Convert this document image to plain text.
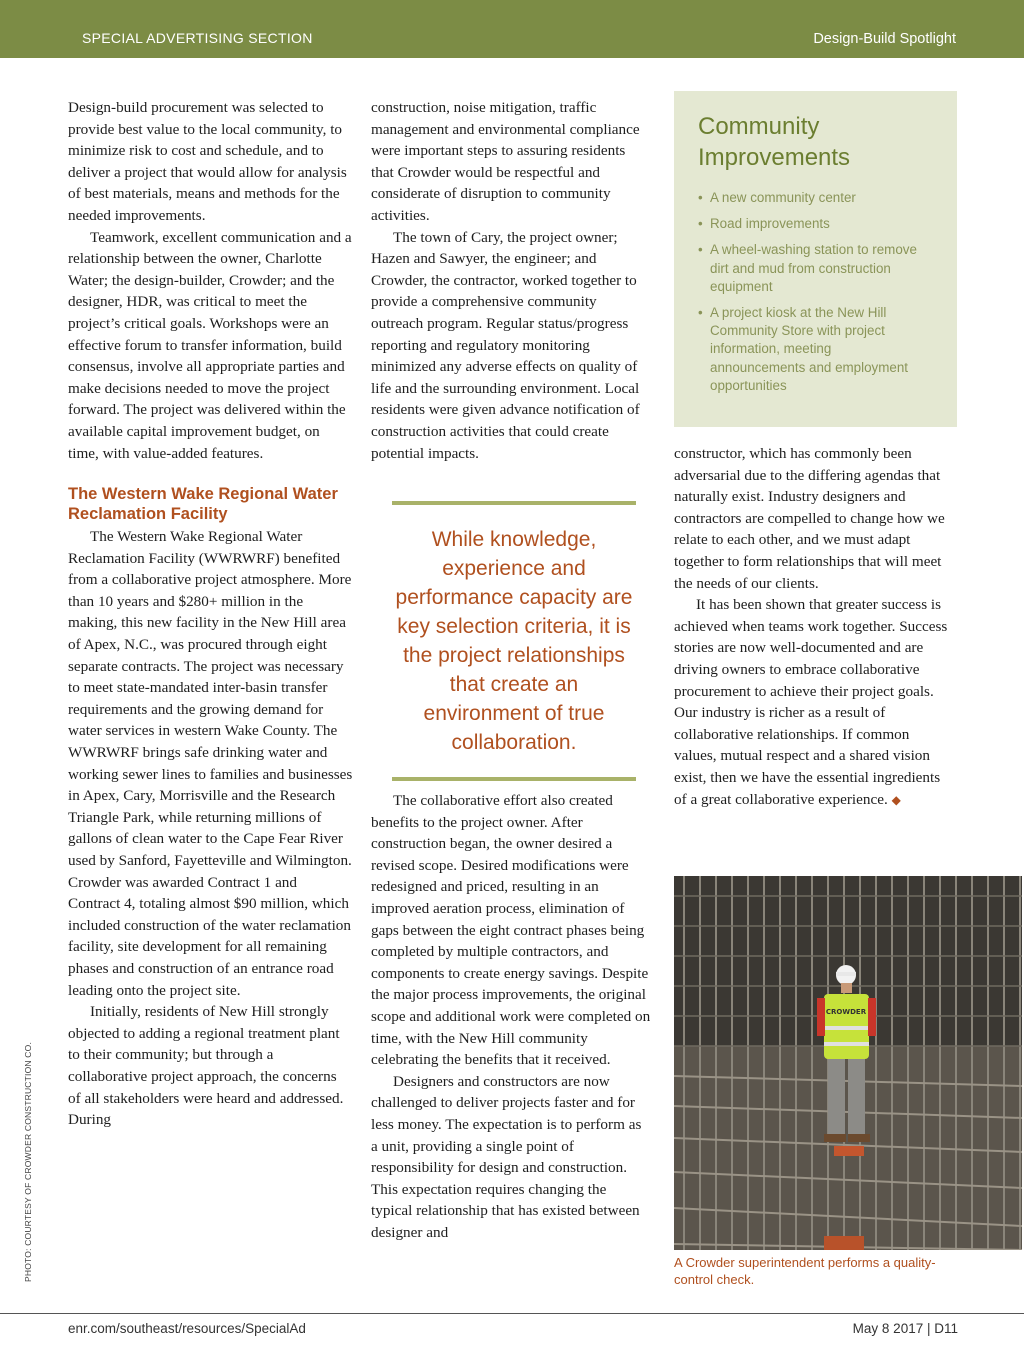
SPECIAL ADVERTISING SECTION	Design-Build Spotlight

Design-build procurement was selected to provide best value to the local community, to minimize risk to cost and schedule, and to deliver a project that would allow for analysis of best materials, means and methods for the needed improvements.

Teamwork, excellent communication and a relationship between the owner, Charlotte Water; the design-builder, Crowder; and the designer, HDR, was critical to meet the project’s critical goals. Workshops were an effective forum to transfer information, build consensus, involve all appropriate parties and make decisions needed to move the project forward. The project was delivered within the available capital improvement budget, on time, with value-added features.

The Western Wake Regional Water Reclamation Facility

The Western Wake Regional Water Reclamation Facility (WWRWRF) benefited from a collaborative project atmosphere. More than 10 years and $280+ million in the making, this new facility in the New Hill area of Apex, N.C., was procured through eight separate contracts. The project was necessary to meet state-mandated inter-basin transfer requirements and the growing demand for water services in western Wake County. The WWRWRF brings safe drinking water and working sewer lines to families and businesses in Apex, Cary, Morrisville and the Research Triangle Park, while returning millions of gallons of clean water to the Cape Fear River used by Sanford, Fayetteville and Wilmington. Crowder was awarded Contract 1 and Contract 4, totaling almost $90 million, which included construction of the water reclamation facility, site development for all remaining phases and construction of an entrance road leading onto the project site.

Initially, residents of New Hill strongly objected to adding a regional treatment plant to their community; but through a collaborative project approach, the concerns of all stakeholders were heard and addressed. During

construction, noise mitigation, traffic management and environmental compliance were important steps to assuring residents that Crowder would be respectful and considerate of disruption to community activities.

The town of Cary, the project owner; Hazen and Sawyer, the engineer; and Crowder, the contractor, worked together to provide a comprehensive community outreach program. Regular status/progress reporting and regulatory monitoring minimized any adverse effects on quality of life and the surrounding environment. Local residents were given advance notification of construction activities that could create potential impacts.

While knowledge, experience and performance capacity are key selection criteria, it is the project relationships that create an environment of true collaboration.

The collaborative effort also created benefits to the project owner. After construction began, the owner desired a revised scope. Desired modifications were redesigned and priced, resulting in an improved aeration process, elimination of gaps between the eight contract phases being completed by multiple contractors, and components to create energy savings. Despite the major process improvements, the original scope and additional work were completed on time, with the New Hill community celebrating the benefits that it received.

Designers and constructors are now challenged to deliver projects faster and for less money. The expectation is to perform as a unit, providing a single point of responsibility for design and construction. This expectation requires changing the typical relationship that has existed between designer and

Community Improvements
• A new community center
• Road improvements
• A wheel-washing station to remove dirt and mud from construction equipment
• A project kiosk at the New Hill Community Store with project information, meeting announcements and employment opportunities

constructor, which has commonly been adversarial due to the differing agendas that naturally exist. Industry designers and contractors are compelled to change how we relate to each other, and we must adapt together to form relationships that will meet the needs of our clients.

It has been shown that greater success is achieved when teams work together. Success stories are now well-documented and are driving owners to embrace collaborative procurement to achieve their project goals. Our industry is richer as a result of collaborative relationships. If common values, mutual respect and a shared vision exist, then we have the essential ingredients of a great collaborative experience. ◆

CROWDER
A Crowder superintendent performs a quality-control check.
PHOTO: COURTESY OF CROWDER CONSTRUCTION CO.
enr.com/southeast/resources/SpecialAd	May 8 2017 | D11
